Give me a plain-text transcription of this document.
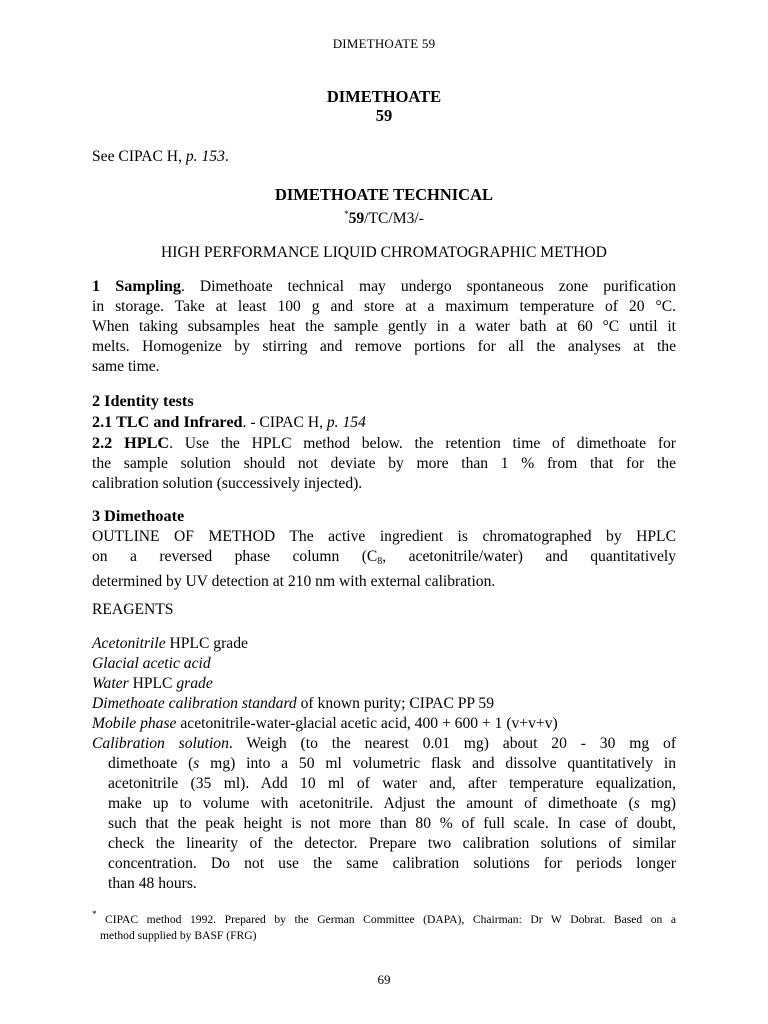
DIMETHOATE 59
DIMETHOATE
59
See CIPAC H, p. 153.
DIMETHOATE TECHNICAL
*59/TC/M3/-
HIGH PERFORMANCE LIQUID CHROMATOGRAPHIC METHOD
1 Sampling. Dimethoate technical may undergo spontaneous zone purification
in storage. Take at least 100 g and store at a maximum temperature of 20 °C.
When taking subsamples heat the sample gently in a water bath at 60 °C until it
melts. Homogenize by stirring and remove portions for all the analyses at the
same time.
2 Identity tests
2.1 TLC and Infrared. - CIPAC H, p. 154
2.2 HPLC. Use the HPLC method below. the retention time of dimethoate for
the sample solution should not deviate by more than 1 % from that for the
calibration solution (successively injected).
3 Dimethoate
OUTLINE OF METHOD The active ingredient is chromatographed by HPLC
on a reversed phase column ($C_8$, acetonitrile/water) and quantitatively
determined by UV detection at 210 nm with external calibration.
REAGENTS
Acetonitrile HPLC grade
Glacial acetic acid
Water HPLC grade
Dimethoate calibration standard of known purity; CIPAC PP 59
Mobile phase acetonitrile-water-glacial acetic acid, 400 + 600 + 1 (v+v+v)
Calibration solution. Weigh (to the nearest 0.01 mg) about 20 - 30 mg of
dimethoate (s mg) into a 50 ml volumetric flask and dissolve quantitatively in
acetonitrile (35 ml). Add 10 ml of water and, after temperature equalization,
make up to volume with acetonitrile. Adjust the amount of dimethoate (s mg)
such that the peak height is not more than 80 % of full scale. In case of doubt,
check the linearity of the detector. Prepare two calibration solutions of similar
concentration. Do not use the same calibration solutions for periods longer
than 48 hours.
* CIPAC method 1992. Prepared by the German Committee (DAPA), Chairman: Dr W Dobrat. Based on a
method supplied by BASF (FRG)
69
